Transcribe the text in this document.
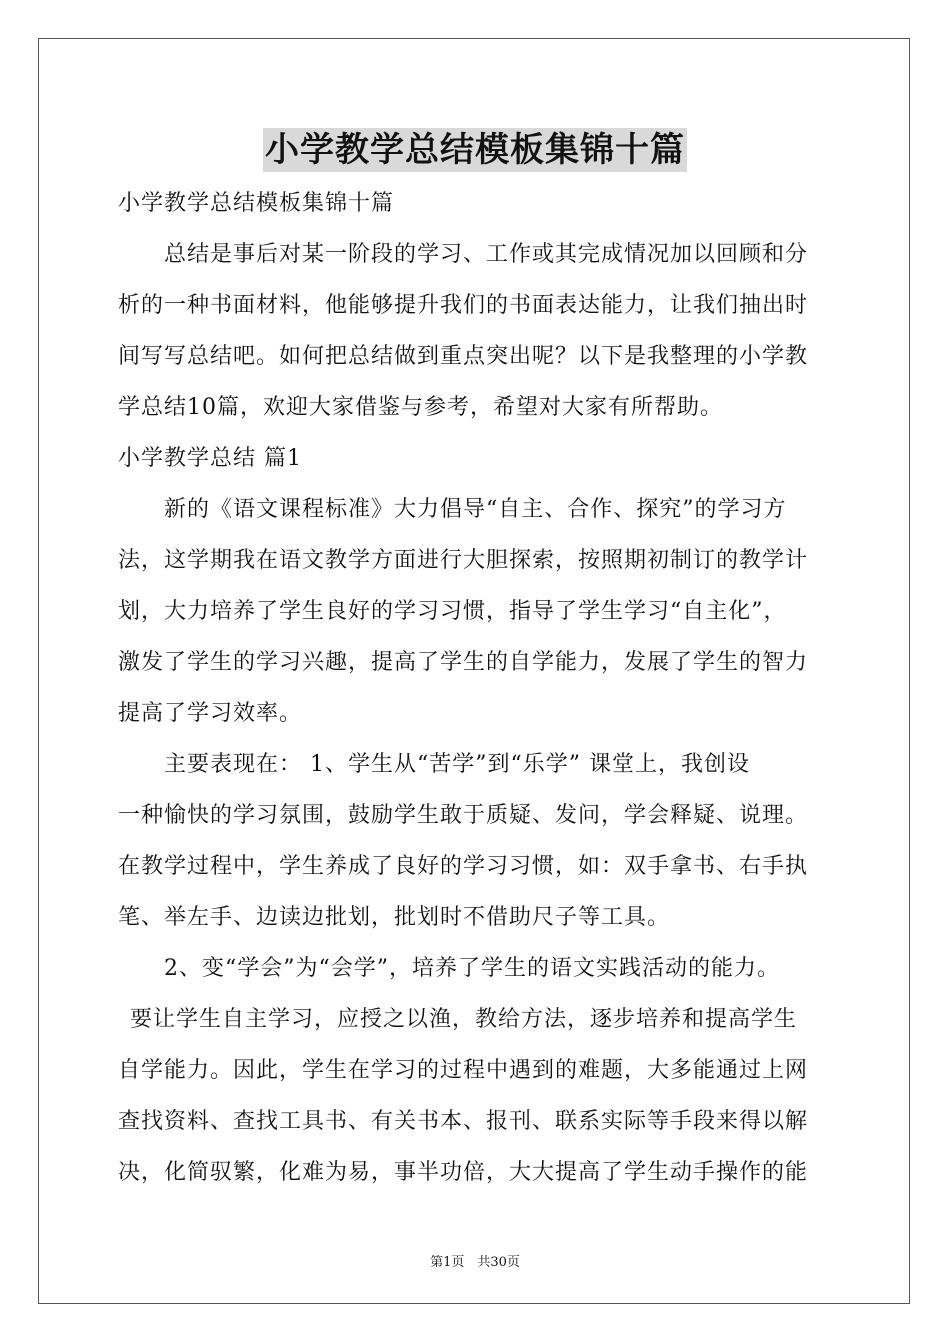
小学教学总结模板集锦十篇
小学教学总结模板集锦十篇
总结是事后对某一阶段的学习、工作或其完成情况加以回顾和分
析的一种书面材料，他能够提升我们的书面表达能力，让我们抽出时
间写写总结吧。如何把总结做到重点突出呢？以下是我整理的小学教
学总结10篇，欢迎大家借鉴与参考，希望对大家有所帮助。
小学教学总结 篇1
新的《语文课程标准》大力倡导“自主、合作、探究”的学习方
法，这学期我在语文教学方面进行大胆探索，按照期初制订的教学计
划，大力培养了学生良好的学习习惯，指导了学生学习“自主化”，
激发了学生的学习兴趣，提高了学生的自学能力，发展了学生的智力
提高了学习效率。
主要表现在： 1、学生从“苦学”到“乐学” 课堂上，我创设
一种愉快的学习氛围，鼓励学生敢于质疑、发问，学会释疑、说理。
在教学过程中，学生养成了良好的学习习惯，如：双手拿书、右手执
笔、举左手、边读边批划，批划时不借助尺子等工具。
2、变“学会”为“会学”，培养了学生的语文实践活动的能力。
要让学生自主学习，应授之以渔，教给方法，逐步培养和提高学生
自学能力。因此，学生在学习的过程中遇到的难题，大多能通过上网
查找资料、查找工具书、有关书本、报刊、联系实际等手段来得以解
决，化简驭繁，化难为易，事半功倍，大大提高了学生动手操作的能
第1页　共30页
